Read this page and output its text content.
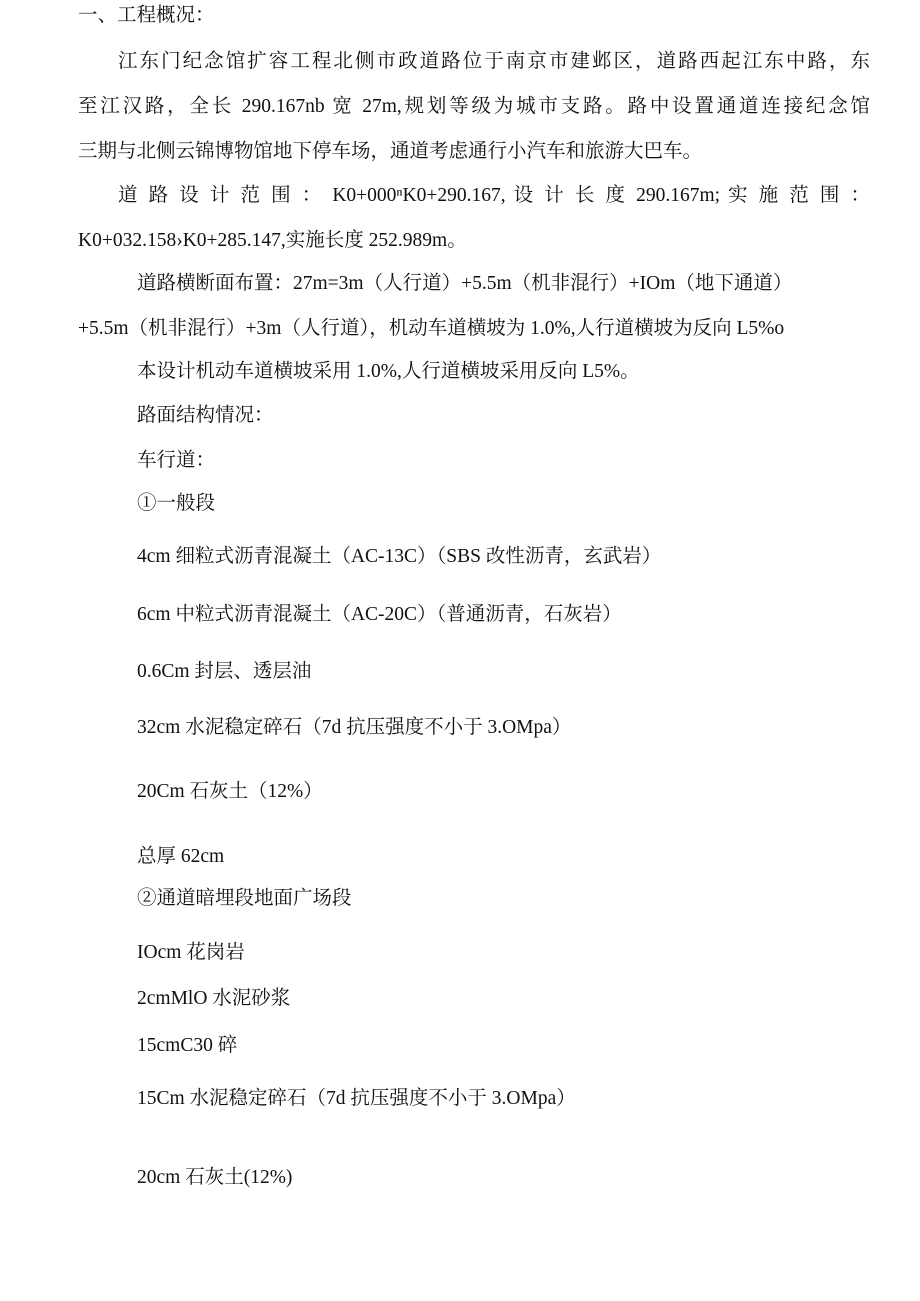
一、工程概况：
江东门纪念馆扩容工程北侧市政道路位于南京市建邺区，道路西起江东中路，东
至江汉路，全长 290.167nb 宽 27m,规划等级为城市支路。路中设置通道连接纪念馆
三期与北侧云锦博物馆地下停车场，通道考虑通行小汽车和旅游大巴车。
道 路 设 计 范 围 ： K0+000ⁿK0+290.167, 设 计 长 度 290.167m; 实 施 范 围 ：
K0+032.158›K0+285.147,实施长度 252.989m。
道路横断面布置：27m=3m（人行道）+5.5m（机非混行）+IOm（地下通道）
+5.5m（机非混行）+3m（人行道），机动车道横坡为 1.0%,人行道横坡为反向 L5%o
本设计机动车道横坡采用 1.0%,人行道横坡采用反向 L5%。
路面结构情况：
车行道：
①一般段
4cm 细粒式沥青混凝土（AC-13C）（SBS 改性沥青，玄武岩）
6cm 中粒式沥青混凝土（AC-20C）（普通沥青，石灰岩）
0.6Cm 封层、透层油
32cm 水泥稳定碎石（7d 抗压强度不小于 3.OMpa）
20Cm 石灰土（12%）
总厚 62cm
②通道暗埋段地面广场段
IOcm 花岗岩
2cmMlO 水泥砂浆
15cmC30 碎
15Cm 水泥稳定碎石（7d 抗压强度不小于 3.OMpa）
20cm 石灰土(12%)
